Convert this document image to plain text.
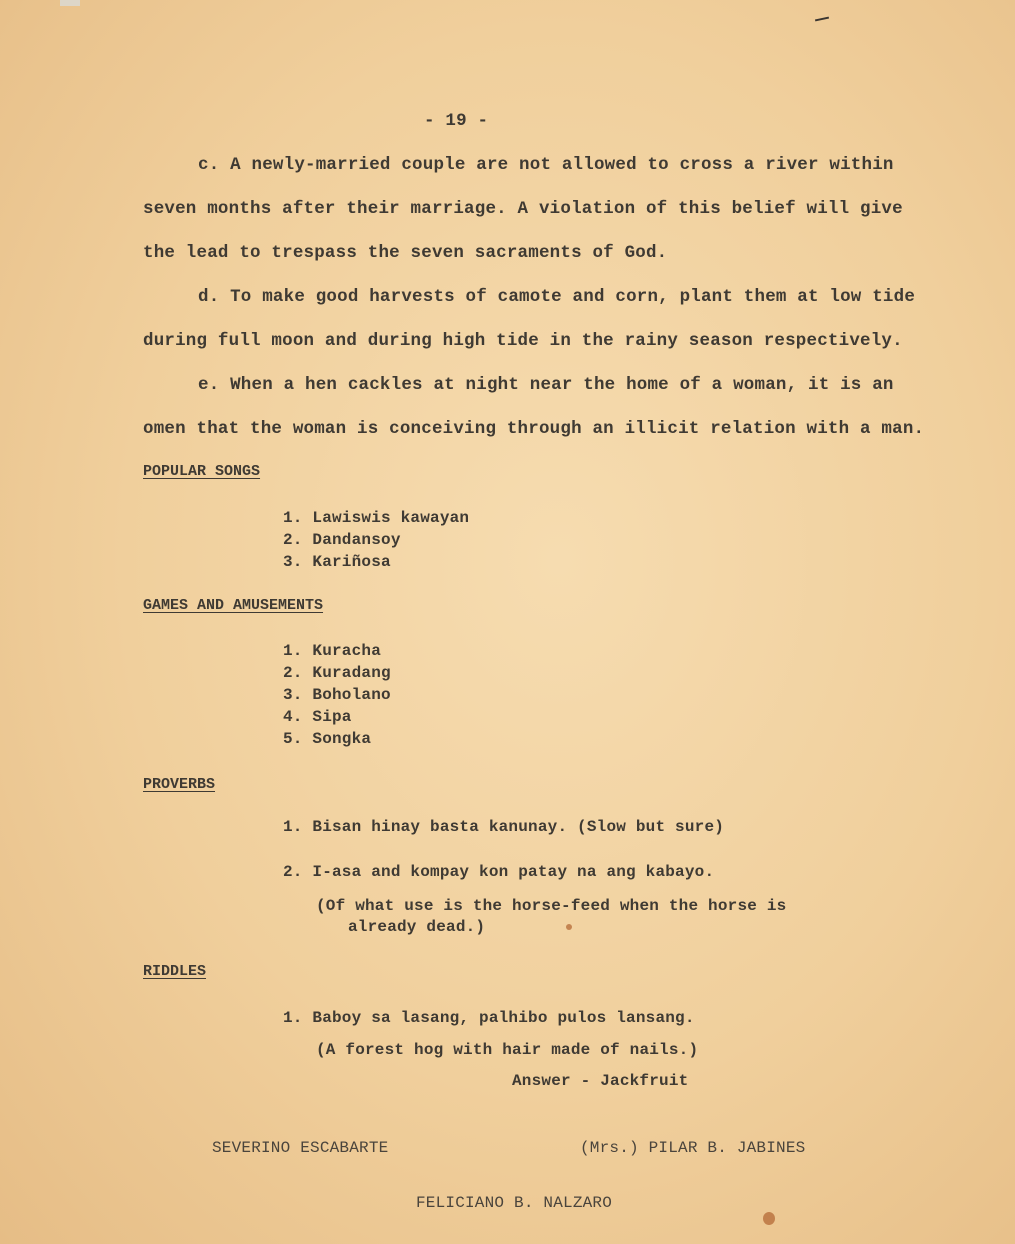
- 19 -
c. A newly-married couple are not allowed to cross a river within
seven months after their marriage. A violation of this belief will give
the lead to trespass the seven sacraments of God.
d. To make good harvests of camote and corn, plant them at low tide
during full moon and during high tide in the rainy season respectively.
e. When a hen cackles at night near the home of a woman, it is an
omen that the woman is conceiving through an illicit relation with a man.
POPULAR SONGS
1. Lawiswis kawayan
2. Dandansoy
3. Kariñosa
GAMES AND AMUSEMENTS
1. Kuracha
2. Kuradang
3. Boholano
4. Sipa
5. Songka
PROVERBS
1. Bisan hinay basta kanunay. (Slow but sure)
2. I-asa and kompay kon patay na ang kabayo.
(Of what use is the horse-feed when the horse is
already dead.)
RIDDLES
1. Baboy sa lasang, palhibo pulos lansang.
(A forest hog with hair made of nails.)
Answer - Jackfruit
SEVERINO ESCABARTE	(Mrs.) PILAR B. JABINES
FELICIANO B. NALZARO
